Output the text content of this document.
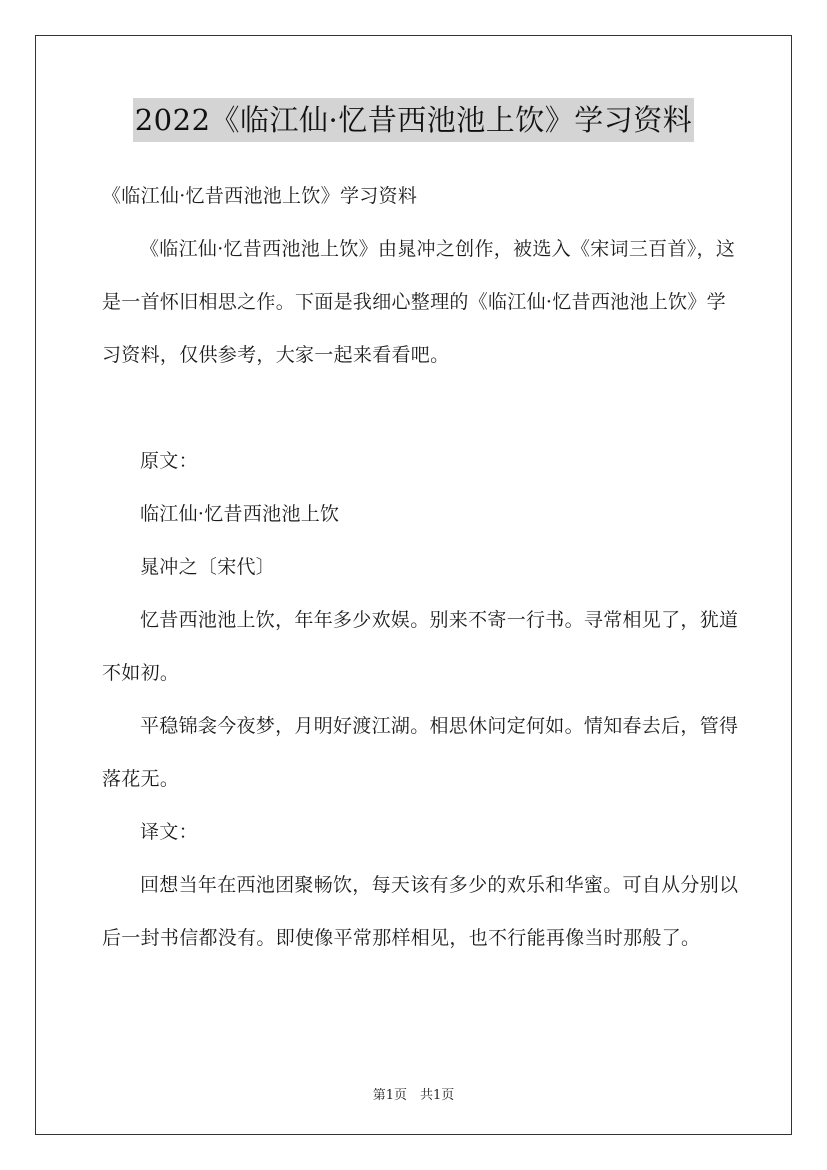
2022《临江仙·忆昔西池池上饮》学习资料

《临江仙·忆昔西池池上饮》学习资料

《临江仙·忆昔西池池上饮》由晁冲之创作，被选入《宋词三百首》，这是一首怀旧相思之作。下面是我细心整理的《临江仙·忆昔西池池上饮》学习资料，仅供参考，大家一起来看看吧。

原文：

临江仙·忆昔西池池上饮

晁冲之〔宋代〕

忆昔西池池上饮，年年多少欢娱。别来不寄一行书。寻常相见了，犹道不如初。

平稳锦衾今夜梦，月明好渡江湖。相思休问定何如。情知春去后，管得落花无。

译文：

回想当年在西池团聚畅饮，每天该有多少的欢乐和华蜜。可自从分别以后一封书信都没有。即使像平常那样相见，也不行能再像当时那般了。

第1页　共1页
